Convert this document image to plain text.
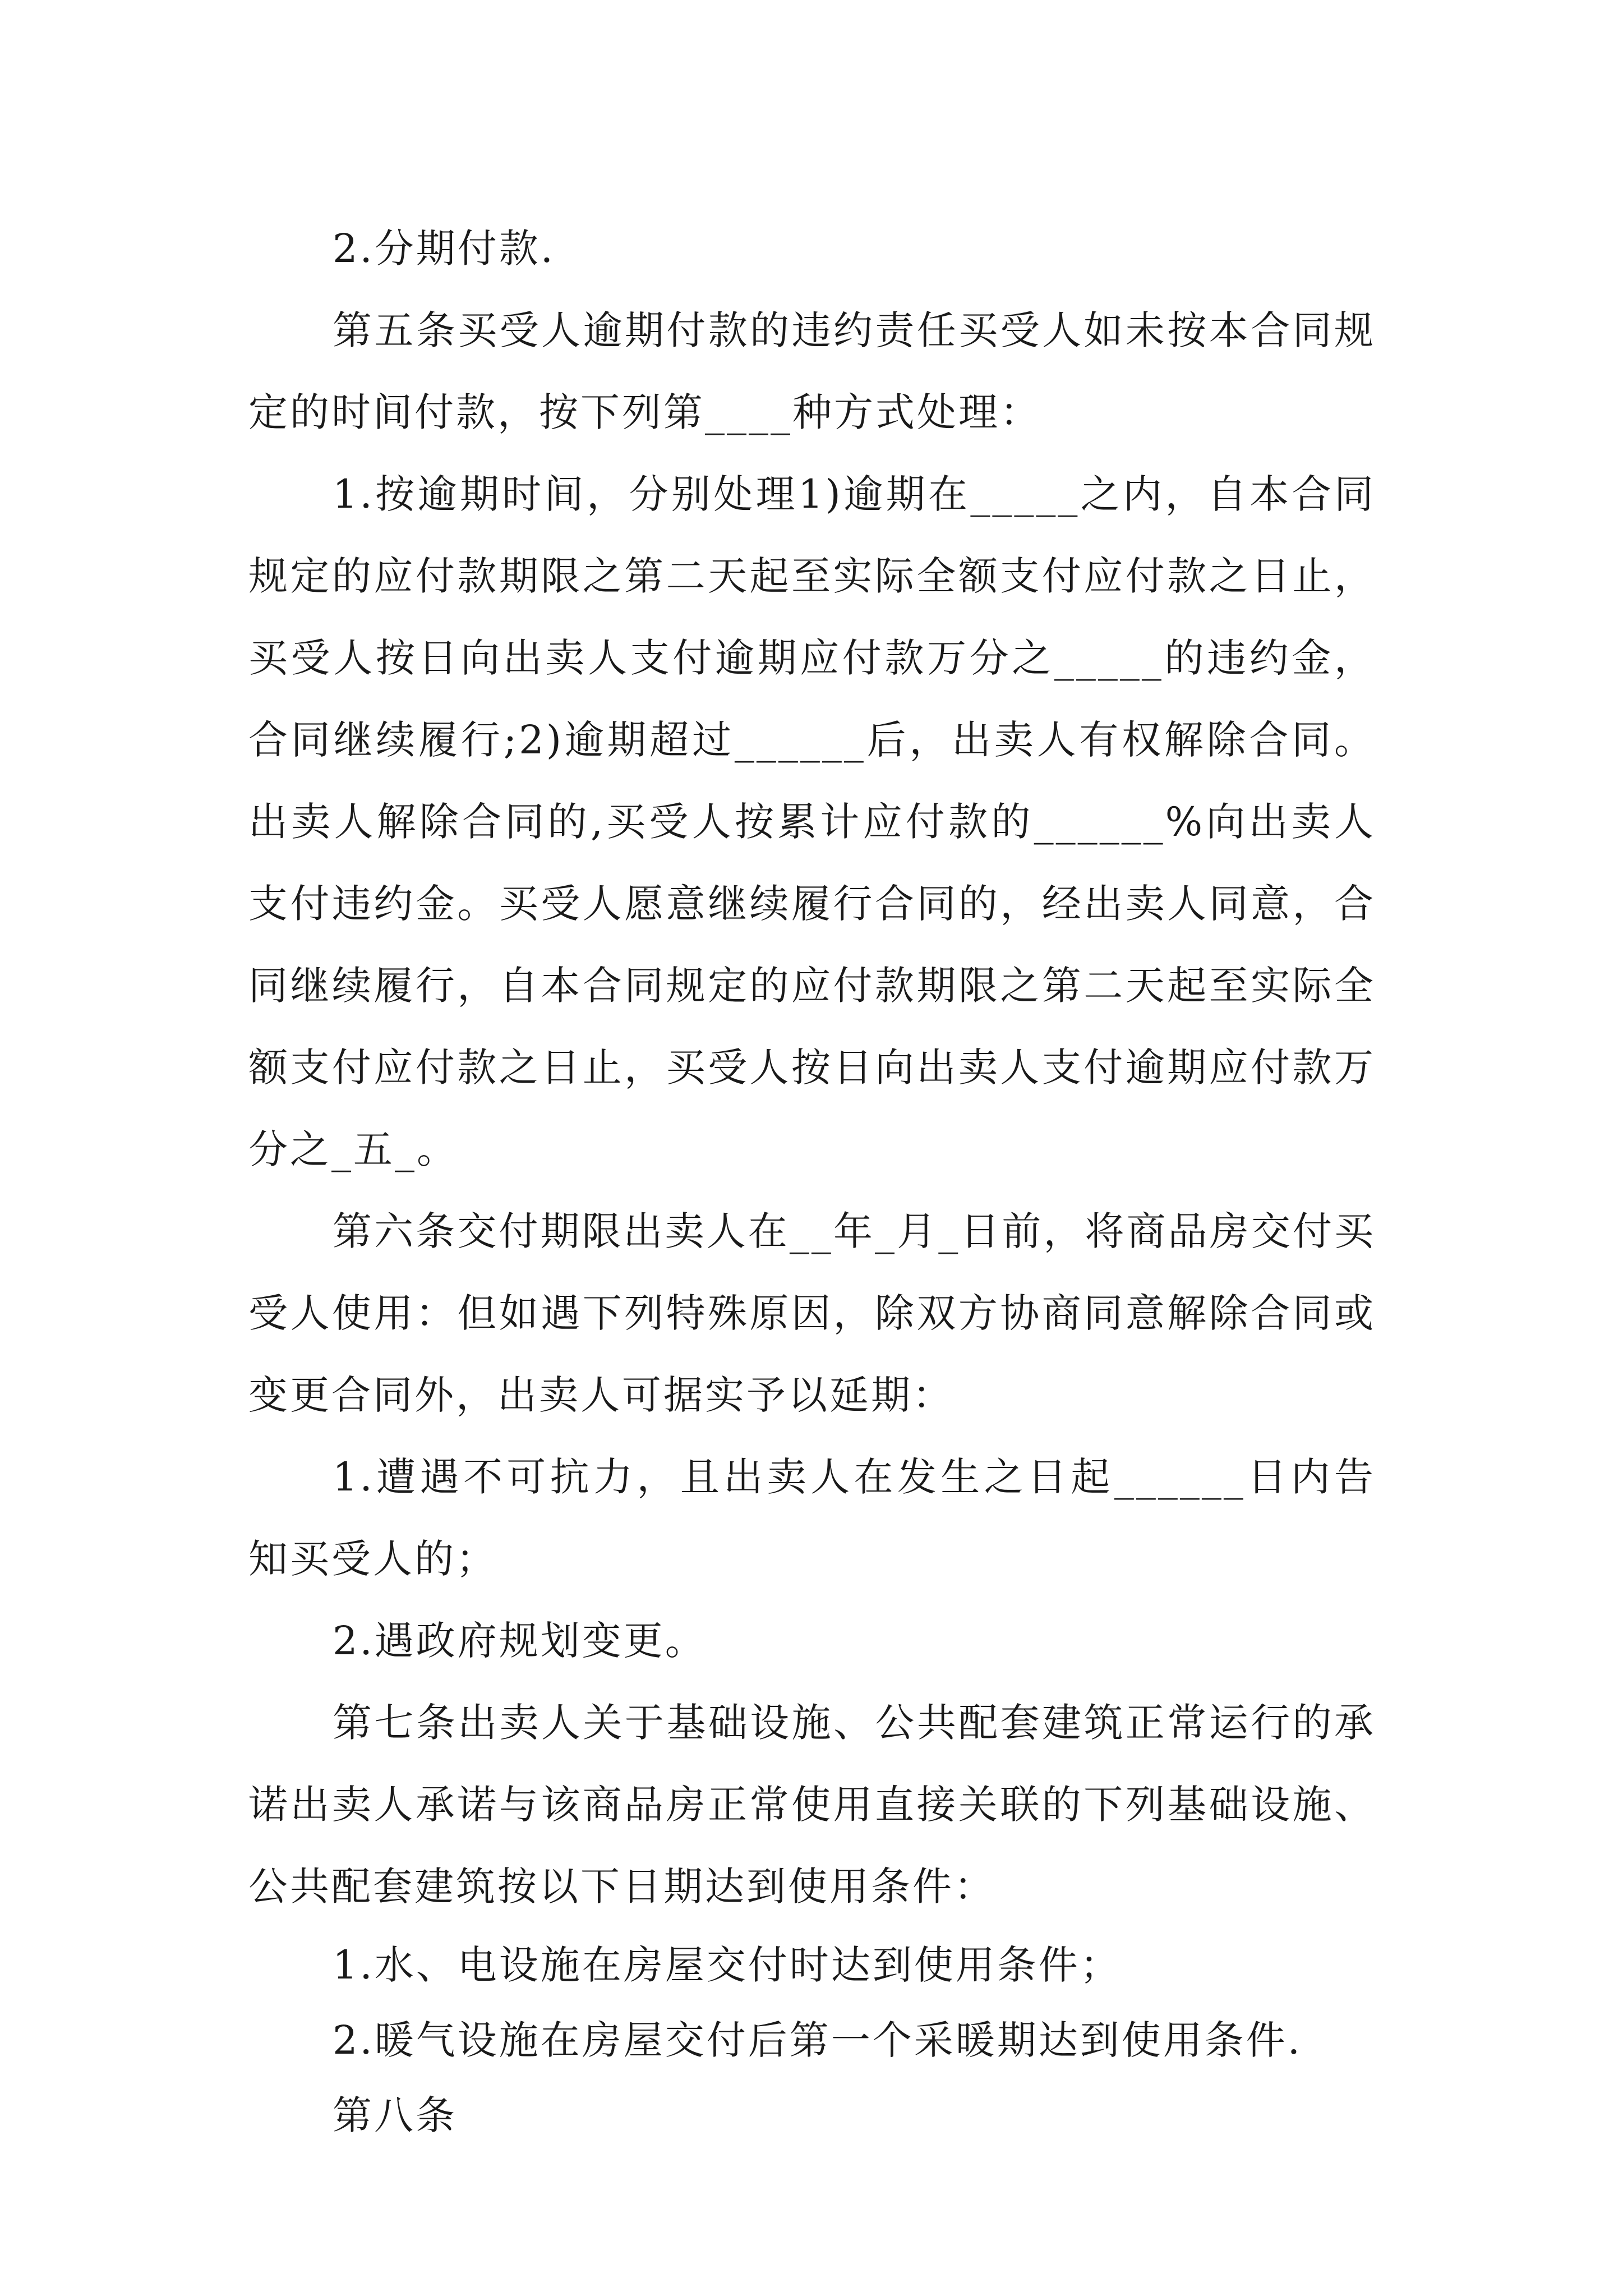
2.分期付款.

第五条买受人逾期付款的违约责任买受人如未按本合同规定的时间付款，按下列第____种方式处理：

1.按逾期时间，分别处理1)逾期在_____之内，自本合同规定的应付款期限之第二天起至实际全额支付应付款之日止，买受人按日向出卖人支付逾期应付款万分之_____的违约金，合同继续履行;2)逾期超过______后，出卖人有权解除合同。出卖人解除合同的,买受人按累计应付款的______%向出卖人支付违约金。买受人愿意继续履行合同的，经出卖人同意，合同继续履行，自本合同规定的应付款期限之第二天起至实际全额支付应付款之日止，买受人按日向出卖人支付逾期应付款万分之_五_。

第六条交付期限出卖人在__年_月_日前，将商品房交付买受人使用：但如遇下列特殊原因，除双方协商同意解除合同或变更合同外，出卖人可据实予以延期：

1.遭遇不可抗力，且出卖人在发生之日起______日内告知买受人的；

2.遇政府规划变更。

第七条出卖人关于基础设施、公共配套建筑正常运行的承诺出卖人承诺与该商品房正常使用直接关联的下列基础设施、公共配套建筑按以下日期达到使用条件：

1.水、电设施在房屋交付时达到使用条件；

2.暖气设施在房屋交付后第一个采暖期达到使用条件.

第八条
